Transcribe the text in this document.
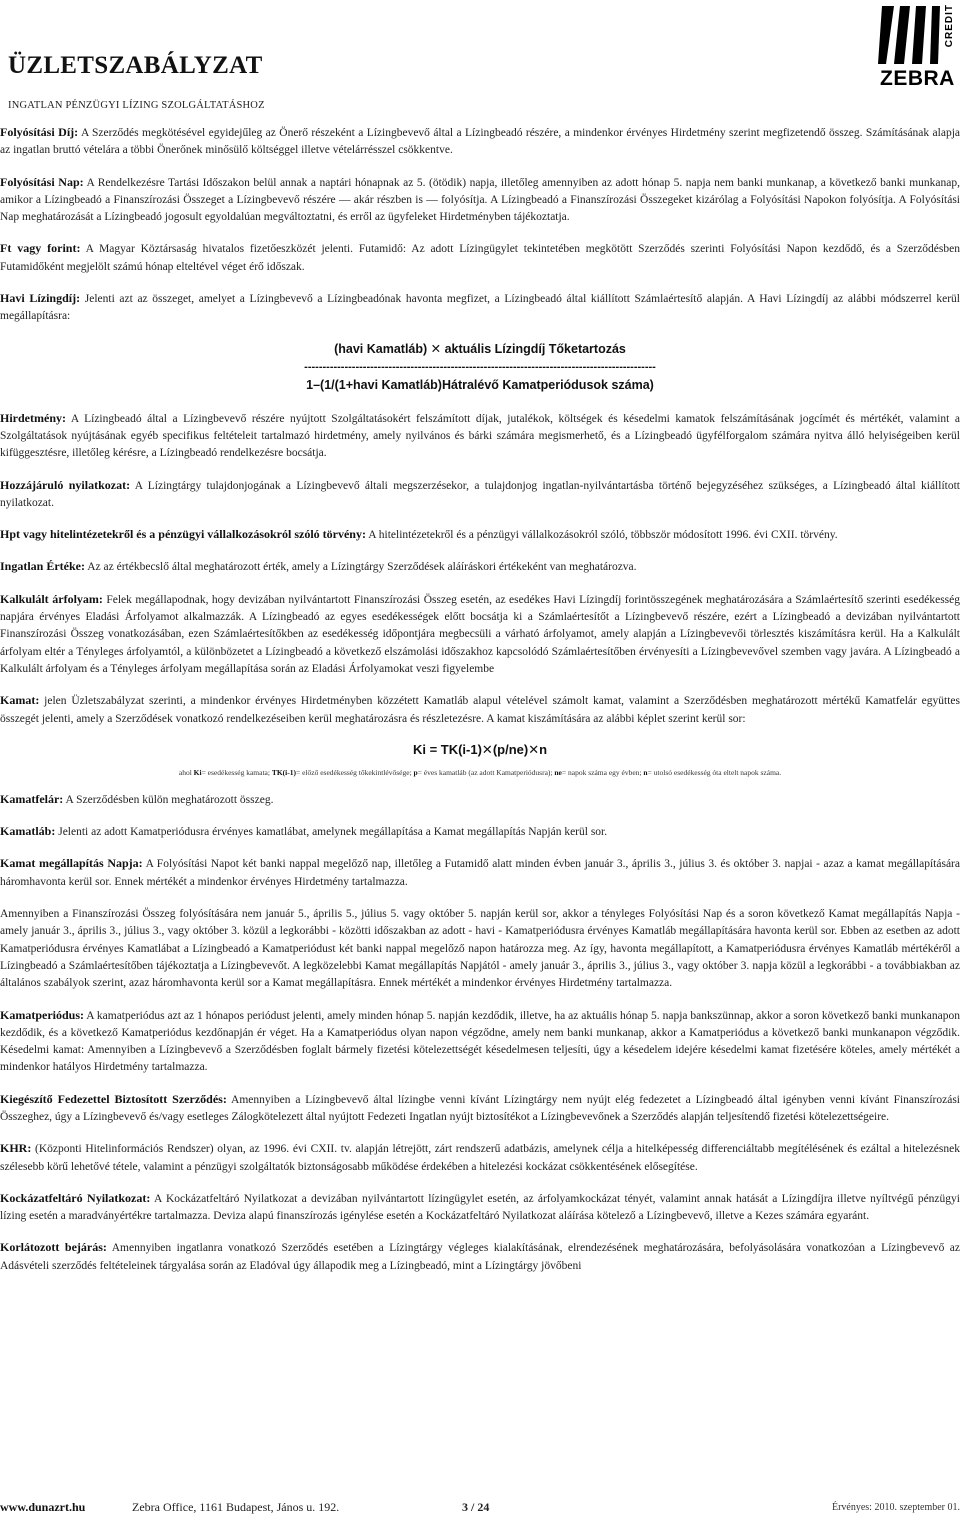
ÜZLETSZABÁLYZAT
INGATLAN PÉNZÜGYI LÍZING SZOLGÁLTATÁSHOZ
ZEBRA
CREDIT

Folyósítási Díj: A Szerződés megkötésével egyidejűleg az Önerő részeként a Lízingbevevő által a Lízingbeadó részére, a mindenkor érvényes Hirdetmény szerint megfizetendő összeg. Számításának alapja az ingatlan bruttó vételára a többi Önerőnek minősülő költséggel illetve vételárrésszel csökkentve.

Folyósítási Nap: A Rendelkezésre Tartási Időszakon belül annak a naptári hónapnak az 5. (ötödik) napja, illetőleg amennyiben az adott hónap 5. napja nem banki munkanap, a következő banki munkanap, amikor a Lízingbeadó a Finanszírozási Összeget a Lízingbevevő részére — akár részben is — folyósítja. A Lízingbeadó a Finanszírozási Összegeket kizárólag a Folyósítási Napokon folyósítja. A Folyósítási Nap meghatározását a Lízingbeadó jogosult egyoldalúan megváltoztatni, és erről az ügyfeleket Hirdetményben tájékoztatja.

Ft vagy forint: A Magyar Köztársaság hivatalos fizetőeszközét jelenti. Futamidő: Az adott Lízingügylet tekintetében megkötött Szerződés szerinti Folyósítási Napon kezdődő, és a Szerződésben Futamidőként megjelölt számú hónap elteltével véget érő időszak.

Havi Lízingdíj: Jelenti azt az összeget, amelyet a Lízingbevevő a Lízingbeadónak havonta megfizet, a Lízingbeadó által kiállított Számlaértesítő alapján. A Havi Lízingdíj az alábbi módszerrel kerül megállapításra:

(havi Kamatláb) ✕ aktuális Lízingdíj Tőketartozás
------------------------------------------------------------------------------------------------
1–(1/(1+havi Kamatláb)Hátralévő Kamatperiódusok száma)

Hirdetmény: A Lízingbeadó által a Lízingbevevő részére nyújtott Szolgáltatásokért felszámított díjak, jutalékok, költségek és késedelmi kamatok felszámításának jogcímét és mértékét, valamint a Szolgáltatások nyújtásának egyéb specifikus feltételeit tartalmazó hirdetmény, amely nyilvános és bárki számára megismerhető, és a Lízingbeadó ügyfélforgalom számára nyitva álló helyiségeiben kerül kifüggesztésre, illetőleg kérésre, a Lízingbeadó rendelkezésre bocsátja.

Hozzájáruló nyilatkozat: A Lízingtárgy tulajdonjogának a Lízingbevevő általi megszerzésekor, a tulajdonjog ingatlan-nyilvántartásba történő bejegyzéséhez szükséges, a Lízingbeadó által kiállított nyilatkozat.

Hpt vagy hitelintézetekről és a pénzügyi vállalkozásokról szóló törvény: A hitelintézetekről és a pénzügyi vállalkozásokról szóló, többször módosított 1996. évi CXII. törvény.

Ingatlan Értéke: Az az értékbecslő által meghatározott érték, amely a Lízingtárgy Szerződések aláíráskori értékeként van meghatározva.

Kalkulált árfolyam: Felek megállapodnak, hogy devizában nyilvántartott Finanszírozási Összeg esetén, az esedékes Havi Lízingdíj forintösszegének meghatározására a Számlaértesítő szerinti esedékesség napjára érvényes Eladási Árfolyamot alkalmazzák. A Lízingbeadó az egyes esedékességek előtt bocsátja ki a Számlaértesítőt a Lízingbevevő részére, ezért a Lízingbeadó a devizában nyilvántartott Finanszírozási Összeg vonatkozásában, ezen Számlaértesítőkben az esedékesség időpontjára megbecsüli a várható árfolyamot, amely alapján a Lízingbevevői törlesztés kiszámításra kerül. Ha a Kalkulált árfolyam eltér a Tényleges árfolyamtól, a különbözetet a Lízingbeadó a következő elszámolási időszakhoz kapcsolódó Számlaértesítőben érvényesíti a Lízingbevevővel szemben vagy javára. A Lízingbeadó a Kalkulált árfolyam és a Tényleges árfolyam megállapítása során az Eladási Árfolyamokat veszi figyelembe

Kamat: jelen Üzletszabályzat szerinti, a mindenkor érvényes Hirdetményben közzétett Kamatláb alapul vételével számolt kamat, valamint a Szerződésben meghatározott mértékű Kamatfelár együttes összegét jelenti, amely a Szerződések vonatkozó rendelkezéseiben kerül meghatározásra és részletezésre. A kamat kiszámítására az alábbi képlet szerint kerül sor:

Ki = TK(i-1)✕(p/ne)✕n
ahol Ki= esedékesség kamata; TK(i-1)= előző esedékesség tőkekintlévősége; p= éves kamatláb (az adott Kamatperiódusra); ne= napok száma egy évben; n= utolsó esedékesség óta eltelt napok száma.

Kamatfelár: A Szerződésben külön meghatározott összeg.

Kamatláb: Jelenti az adott Kamatperiódusra érvényes kamatlábat, amelynek megállapítása a Kamat megállapítás Napján kerül sor.

Kamat megállapítás Napja: A Folyósítási Napot két banki nappal megelőző nap, illetőleg a Futamidő alatt minden évben január 3., április 3., július 3. és október 3. napjai - azaz a kamat megállapítására háromhavonta kerül sor. Ennek mértékét a mindenkor érvényes Hirdetmény tartalmazza.

Amennyiben a Finanszírozási Összeg folyósítására nem január 5., április 5., július 5. vagy október 5. napján kerül sor, akkor a tényleges Folyósítási Nap és a soron következő Kamat megállapítás Napja - amely január 3., április 3., július 3., vagy október 3. közül a legkorábbi - közötti időszakban az adott - havi - Kamatperiódusra érvényes Kamatláb megállapítására havonta kerül sor. Ebben az esetben az adott Kamatperiódusra érvényes Kamatlábat a Lízingbeadó a Kamatperiódust két banki nappal megelőző napon határozza meg. Az így, havonta megállapított, a Kamatperiódusra érvényes Kamatláb mértékéről a Lízingbeadó a Számlaértesítőben tájékoztatja a Lízingbevevőt. A legközelebbi Kamat megállapítás Napjától - amely január 3., április 3., július 3., vagy október 3. napja közül a legkorábbi - a továbbiakban az általános szabályok szerint, azaz háromhavonta kerül sor a Kamat megállapításra. Ennek mértékét a mindenkor érvényes Hirdetmény tartalmazza.

Kamatperiódus: A kamatperiódus azt az 1 hónapos periódust jelenti, amely minden hónap 5. napján kezdődik, illetve, ha az aktuális hónap 5. napja bankszünnap, akkor a soron következő banki munkanapon kezdődik, és a következő Kamatperiódus kezdőnapján ér véget. Ha a Kamatperiódus olyan napon végződne, amely nem banki munkanap, akkor a Kamatperiódus a következő banki munkanapon végződik. Késedelmi kamat: Amennyiben a Lízingbevevő a Szerződésben foglalt bármely fizetési kötelezettségét késedelmesen teljesíti, úgy a késedelem idejére késedelmi kamat fizetésére köteles, amely mértékét a mindenkor hatályos Hirdetmény tartalmazza.

Kiegészítő Fedezettel Biztosított Szerződés: Amennyiben a Lízingbevevő által lízingbe venni kívánt Lízingtárgy nem nyújt elég fedezetet a Lízingbeadó által igényben venni kívánt Finanszírozási Összeghez, úgy a Lízingbevevő és/vagy esetleges Zálogkötelezett által nyújtott Fedezeti Ingatlan nyújt biztosítékot a Lízingbevevőnek a Szerződés alapján teljesítendő fizetési kötelezettségeire.

KHR: (Központi Hitelinformációs Rendszer) olyan, az 1996. évi CXII. tv. alapján létrejött, zárt rendszerű adatbázis, amelynek célja a hitelképesség differenciáltabb megítélésének és ezáltal a hitelezésnek szélesebb körű lehetővé tétele, valamint a pénzügyi szolgáltatók biztonságosabb működése érdekében a hitelezési kockázat csökkentésének elősegítése.

Kockázatfeltáró Nyilatkozat: A Kockázatfeltáró Nyilatkozat a devizában nyilvántartott lízingügylet esetén, az árfolyamkockázat tényét, valamint annak hatását a Lízingdíjra illetve nyíltvégű pénzügyi lízing esetén a maradványértékre tartalmazza. Deviza alapú finanszírozás igénylése esetén a Kockázatfeltáró Nyilatkozat aláírása kötelező a Lízingbevevő, illetve a Kezes számára egyaránt.

Korlátozott bejárás: Amennyiben ingatlanra vonatkozó Szerződés esetében a Lízingtárgy végleges kialakításának, elrendezésének meghatározására, befolyásolására vonatkozóan a Lízingbevevő az Adásvételi szerződés feltételeinek tárgyalása során az Eladóval úgy állapodik meg a Lízingbeadó, mint a Lízingtárgy jövőbeni

www.dunazrt.hu	Zebra Office, 1161 Budapest, János u. 192.	3 / 24	Érvényes: 2010. szeptember 01.
